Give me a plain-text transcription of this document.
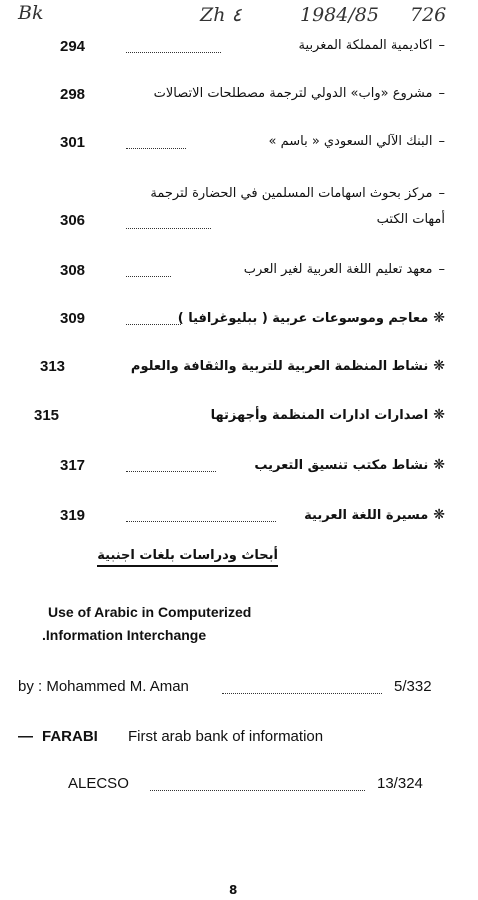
Bk	Zh ٤	1984/85 726
294	–اكاديمية المملكة المغربية
298	–مشروع «واب» الدولي لترجمة مصطلحات الاتصالات
301	–البنك الآلي السعودي « باسم »
–مركز بحوث اسهامات المسلمين في الحضارة لترجمة
أمهات الكتب
306
308	–معهد تعليم اللغة العربية لغير العرب
309	❋معاجم وموسوعات عربية ( ببليوغرافيا )
313	❋نشاط المنظمة العربية للتربية والثقافة والعلوم
315	❋اصدارات ادارات المنظمة وأجهزتها
317	❋نشاط مكتب تنسيق التعريب
319	❋مسيرة اللغة العربية
أبحاث ودراسات بلغات اجنبية
Use of Arabic in Computerized
.Information Interchange
by : Mohammed M. Aman	5/332
— FARABI First arab bank of information
ALECSO	13/324
8
